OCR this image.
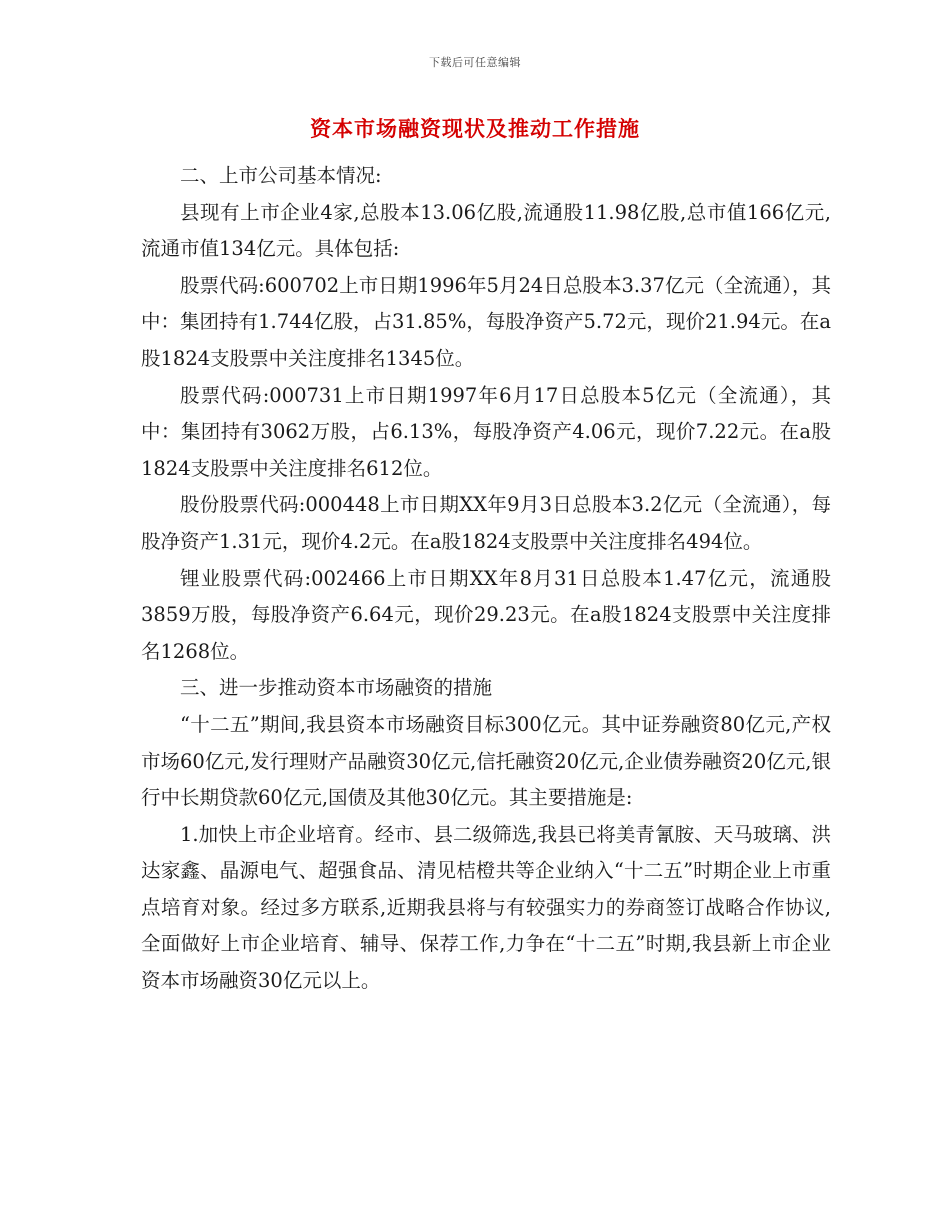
下载后可任意编辑
资本市场融资现状及推动工作措施

二、上市公司基本情况:

县现有上市企业4家,总股本13.06亿股,流通股11.98亿股,总市值166亿元,流通市值134亿元。具体包括:

股票代码:600702上市日期1996年5月24日总股本3.37亿元（全流通），其中：集团持有1.744亿股，占31.85%，每股净资产5.72元，现价21.94元。在a股1824支股票中关注度排名1345位。

股票代码:000731上市日期1997年6月17日总股本5亿元（全流通），其中：集团持有3062万股，占6.13%，每股净资产4.06元，现价7.22元。在a股1824支股票中关注度排名612位。

股份股票代码:000448上市日期XX年9月3日总股本3.2亿元（全流通），每股净资产1.31元，现价4.2元。在a股1824支股票中关注度排名494位。

锂业股票代码:002466上市日期XX年8月31日总股本1.47亿元，流通股3859万股，每股净资产6.64元，现价29.23元。在a股1824支股票中关注度排名1268位。

三、进一步推动资本市场融资的措施

“十二五”期间,我县资本市场融资目标300亿元。其中证券融资80亿元,产权市场60亿元,发行理财产品融资30亿元,信托融资20亿元,企业债券融资20亿元,银行中长期贷款60亿元,国债及其他30亿元。其主要措施是:

1.加快上市企业培育。经市、县二级筛选,我县已将美青氰胺、天马玻璃、洪达家鑫、晶源电气、超强食品、清见桔橙共等企业纳入“十二五”时期企业上市重点培育对象。经过多方联系,近期我县将与有较强实力的券商签订战略合作协议,全面做好上市企业培育、辅导、保荐工作,力争在“十二五”时期,我县新上市企业资本市场融资30亿元以上。
